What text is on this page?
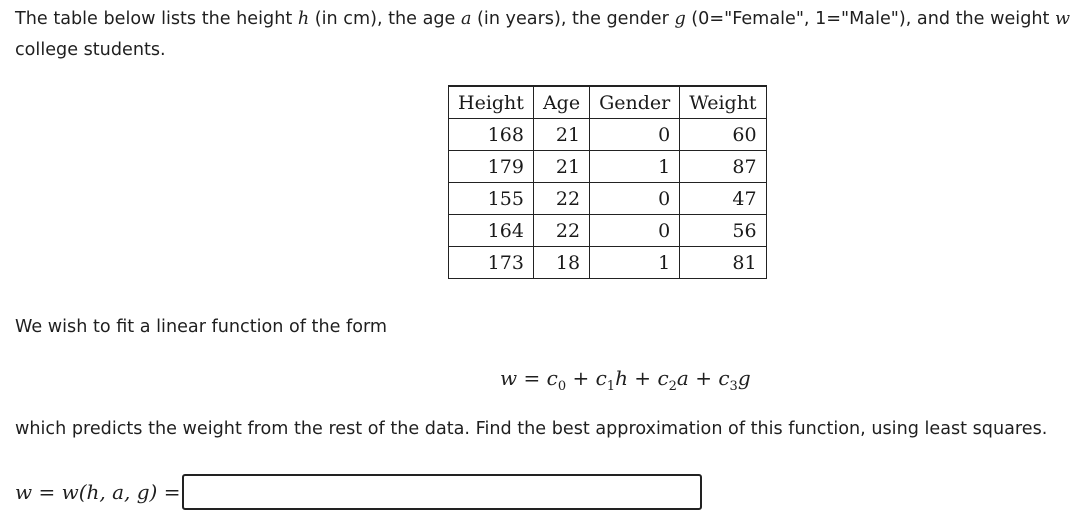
The table below lists the height h (in cm), the age a (in years), the gender g (0="Female", 1="Male"), and the weight w
college students.
Height	Age	Gender	Weight
168	21	0	60
179	21	1	87
155	22	0	47
164	22	0	56
173	18	1	81
We wish to fit a linear function of the form
$w = c_0 + c_1h + c_2a + c_3g$
which predicts the weight from the rest of the data. Find the best approximation of this function, using least squares.
w = w(h, a, g) =
